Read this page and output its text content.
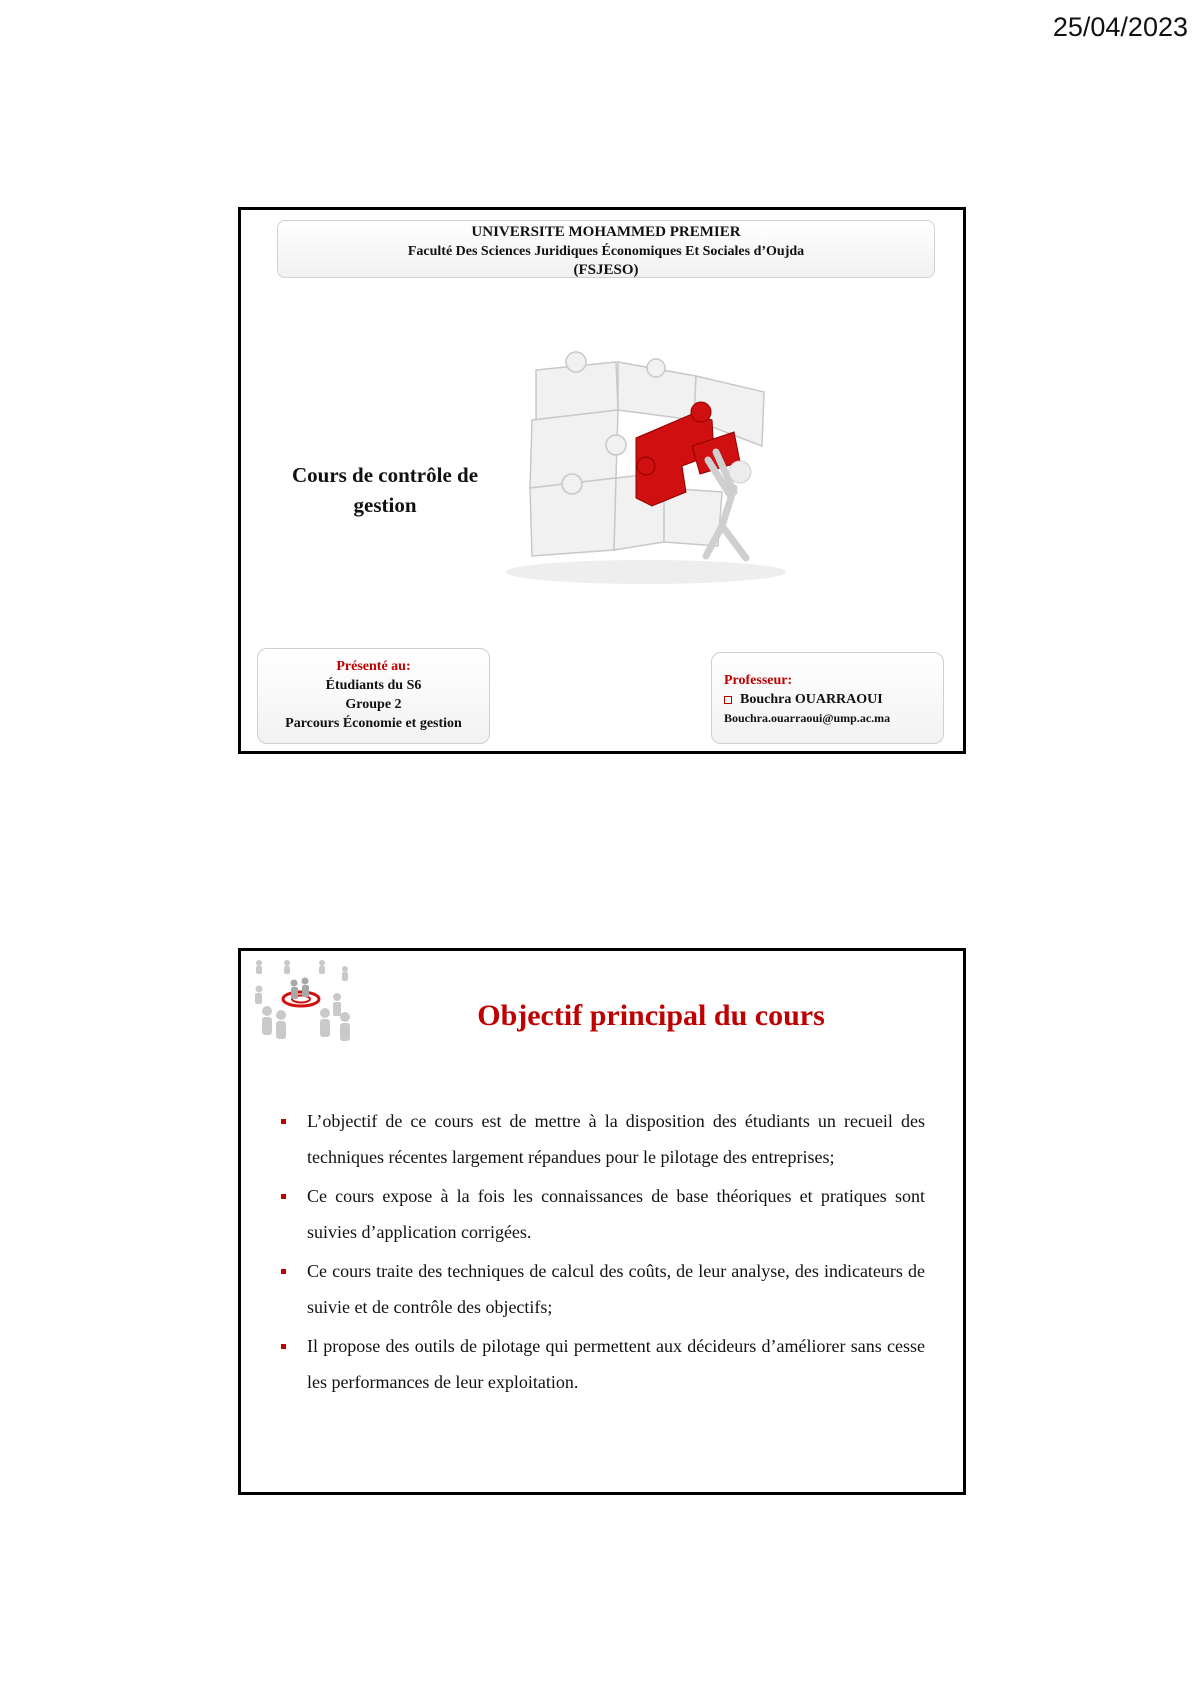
25/04/2023
UNIVERSITE MOHAMMED PREMIER
Faculté Des Sciences Juridiques Économiques Et Sociales d’Oujda
(FSJESO)
Cours de contrôle de gestion
Présenté au:
Étudiants du S6
Groupe 2
Parcours Économie et gestion
Professeur:
Bouchra OUARRAOUI
Bouchra.ouarraoui@ump.ac.ma
Objectif principal du cours
L’objectif de ce cours est de mettre à la disposition des étudiants un recueil des techniques récentes largement répandues pour le pilotage des entreprises;
Ce cours expose à la fois les connaissances de base théoriques et pratiques sont suivies d’application corrigées.
Ce cours traite des techniques de calcul des coûts, de leur analyse, des indicateurs de suivie et de contrôle des objectifs;
Il propose des outils de pilotage qui permettent aux décideurs d’améliorer sans cesse les performances de leur exploitation.
